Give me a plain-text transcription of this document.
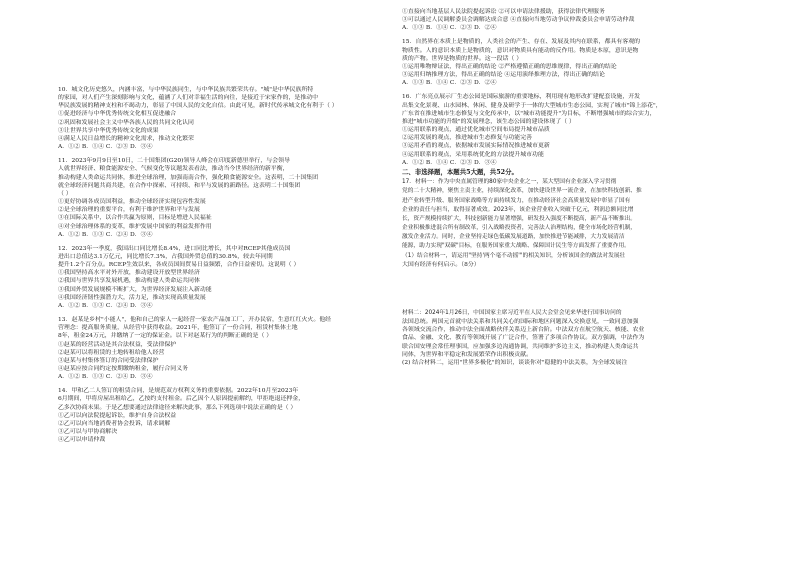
10．城文化历史悠久，内涵丰富，与中华民族同生，与中华民族共繁荣共存。"城"是中华民族所特
的家园，对人们产生深刻影响与文化，蕴涵了人们对幸福生活的向往，是接近于宋家作的，是推动中
华民族发展的精神支柱和不竭动力，彰显了中国人民的文化自信。由此可见，新时代传承城文化有利于（ ）
①促进经济与中华优秀传统文化相互促进融合
②巩固和发展社会主义中华各族人民的共同文化认同
③让世界共享中华优秀传统文化的成果
④满足人民日益增长的精神文化需求，推动文化繁荣
A．①② B．①④ C．②③ D．③④
11．2023年9月9日至10日，二十国集团(G20)领导人峰会在印度新德里举行，与会领导
人就世界经济、粮食能源安全、气候变化等议题发表看法，推动当今世界经济的新平衡，
推动构建人类命运共同体，推进全球治理，加强南南合作，强化粮食能源安全。这表明，二十国集团
就全球经济问题共商共建，在合作中探索、可持续、和平与发展的新路径。这表明二十国集团
（ ）
①更好协调各成员国利益，推动全球经济实现包容性发展
②是全球治理的重要平台，有利于维护世界和平与发展
③在国际关系中，以合作共赢为原则，目标是增进人民福祉
④对全球治理体系的变革，维护发展中国家的利益发挥作用
A．①② B．①③ C．②④ D．③④
12．2023年一季度，我国出口同比增长8.4%，进口同比增长，其中对RCEP其他成员国
进出口总值达3.1万亿元，同比增长7.3%，占我国外贸总值的30.8%，较去年同期
提升1.2个百分点。RCEP生效以来，各成员国间贸易日益频繁，合作日益密切。这说明（ ）
①我国坚持高水平对外开放，推动建设开放型世界经济
②我国与世界共享发展机遇，推动构建人类命运共同体
③我国外贸发展规模不断扩大，为世界经济发展注入新动能
④我国经济韧性强潜力大，活力足，推动实现高质量发展
A．①② B．①③ C．②④ D．③④
13．赵某是乡村"小能人"，他和自己的家人一起经营一家农产品加工厂，开办民宿，生意红红火火。他经
营理念：提高服务质量，从经营中获得收益。2021年，他签订了一份合同，租赁村集体土地
8年，租金24万元，并缴纳了一定的保证金。以下对赵某行为的判断正确的是（ ）
①赵某的经营活动是其合法权益，受法律保护
②赵某可以将租赁的土地转租给他人经营
③赵某与村集体签订的合同受法律保护
④赵某应按合同约定按期缴纳租金，履行合同义务
A．①② B．①③ C．②④ D．③④
14．甲和乙二人签订的租赁合同，是规范双方权利义务的重要依据。2022年10月至2023年
6月期间，甲将房屋出租给乙，乙按约支付租金。后乙因个人原因提前解约，甲拒绝退还押金，
乙多次协商未果。于是乙想要通过法律途径来解决此事，那么下列选项中说法正确的是（ ）
①乙可以向法院提起诉讼，维护自身合法权益
②乙可以向当地消费者协会投诉，请求调解
③乙可以与甲协商解决
④乙可以申请仲裁
①直接向当地基层人民法院提起诉讼 ②可以申请法律援助，获得法律代理服务
③可以通过人民调解委员会调解达成合意 ④直接向当地劳动争议仲裁委员会申请劳动仲裁
A．①③ B．①④ C．②③ D．②④
15．自然界在本质上是物质的，人类社会的产生、存在、发展及其内在联系，都具有客观的
物质性。人的意识本质上是物质的，意识对物质具有能动的反作用。物质是本原，意识是物
质的产物。世界是物质的世界。这一段话（ ）
①运用唯物辩证法，得出正确的结论 ②严格遵循正确的思维规律，得出正确的结论
③运用归纳推理方法，得出正确的结论 ④运用演绎推理方法，得出正确的结论
A．①③ B．①④ C．②③ D．②④
16．广东亮点展示厂生态公园是国际旅游的重要地标，利用现有地形改扩建配套设施，开发
出集文化景观、山水园林、休闲、健身及研学于一体的大型城市生态公园，实现了城市"锦上添花"，
广东省在推进城市生态修复与文化传承中，以"城市功能提升"为目标，不断增强城市的综合实力，
推进"城市功能的升级"的发展理念，该生态公园的建设体现了（ ）
①运用联系的观点，通过优化城市空间布局提升城市品质
②运用发展的观点，推进城市生态修复与功能完善
③运用矛盾的观点，依据城市发展实际情况推进城市更新
④运用联系的观点，采用系统优化的方法提升城市功能
A．①② B．①④ C．②③ D．③④
二、非选择题，本题共5大题，共52分。
17．材料一：作为中央直属管理的80家中央企业之一，某大型国有企业深入学习贯彻
党的二十大精神，聚焦主责主业，持续深化改革，加快建设世界一流企业，在加快科技创新、推
进产业转型升级、服务国家战略等方面持续发力，在推动经济社会高质量发展中彰显了国有
企业的责任与担当，取得显著成效。2023年，该企业营业收入突破千亿元，利润总额同比增
长，资产规模持续扩大，科技创新能力显著增强，研发投入强度不断提高，新产品不断推出。
企业积极推进混合所有制改革，引入战略投资者，完善法人治理结构，健全市场化经营机制，
激发企业活力。同时，企业坚持走绿色低碳发展道路，加快推进节能减排，大力发展清洁
能源，助力实现"双碳"目标，在服务国家重大战略、保障国计民生等方面发挥了重要作用。
（1）结合材料一，请运用"坚持'两个毫不动摇'"的相关知识，分析该国企的做法对发展壮
大国有经济有何启示。（8分）
材料二：2024年1月26日，中国国家主席习近平在人民大会堂会见来华进行国事访问的
法国总统。两国元首就中法关系和共同关心的国际和地区问题深入交换意见，一致同意加强
各领域交流合作，推动中法全面战略伙伴关系迈上新台阶。中法双方在航空航天、核能、农业
食品、金融、文化、教育等领域开展了广泛合作，签署了多项合作协议。双方强调，中法作为
联合国安理会常任理事国，应加强多边沟通协调，共同维护多边主义，推动构建人类命运共
同体，为世界和平稳定和发展繁荣作出积极贡献。
(2) 结合材料二，运用"世界多极化"的知识，谈谈你对"稳健的中法关系，为全球发展注
